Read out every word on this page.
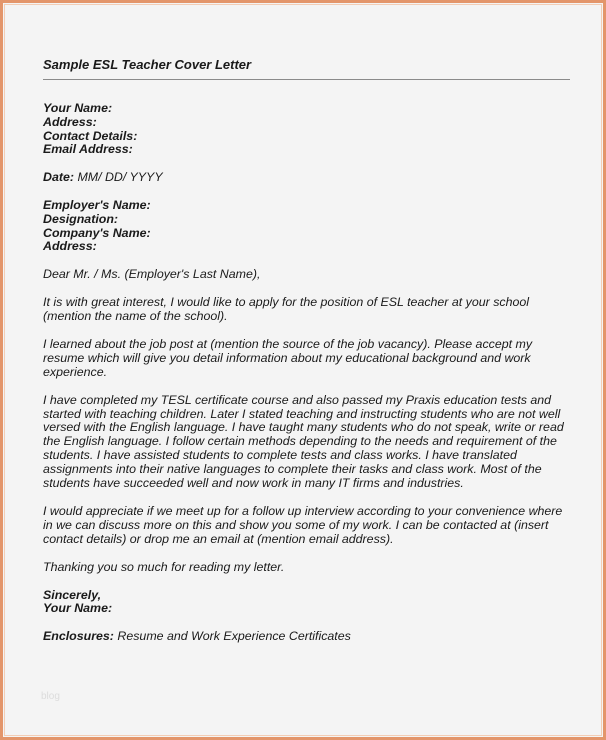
Sample ESL Teacher Cover Letter

Your Name:
Address:
Contact Details:
Email Address:
Date: MM/ DD/ YYYY
Employer's Name:
Designation:
Company's Name:
Address:

Dear Mr. / Ms. (Employer's Last Name),

It is with great interest, I would like to apply for the position of ESL teacher at your school (mention the name of the school).

I learned about the job post at (mention the source of the job vacancy). Please accept my resume which will give you detail information about my educational background and work experience.

I have completed my TESL certificate course and also passed my Praxis education tests and started with teaching children. Later I stated teaching and instructing students who are not well versed with the English language. I have taught many students who do not speak, write or read the English language. I follow certain methods depending to the needs and requirement of the students. I have assisted students to complete tests and class works. I have translated assignments into their native languages to complete their tasks and class work. Most of the students have succeeded well and now work in many IT firms and industries.

I would appreciate if we meet up for a follow up interview according to your convenience where in we can discuss more on this and show you some of my work. I can be contacted at (insert contact details) or drop me an email at (mention email address).

Thanking you so much for reading my letter.

Sincerely,
Your Name:
Enclosures: Resume and Work Experience Certificates
blog
